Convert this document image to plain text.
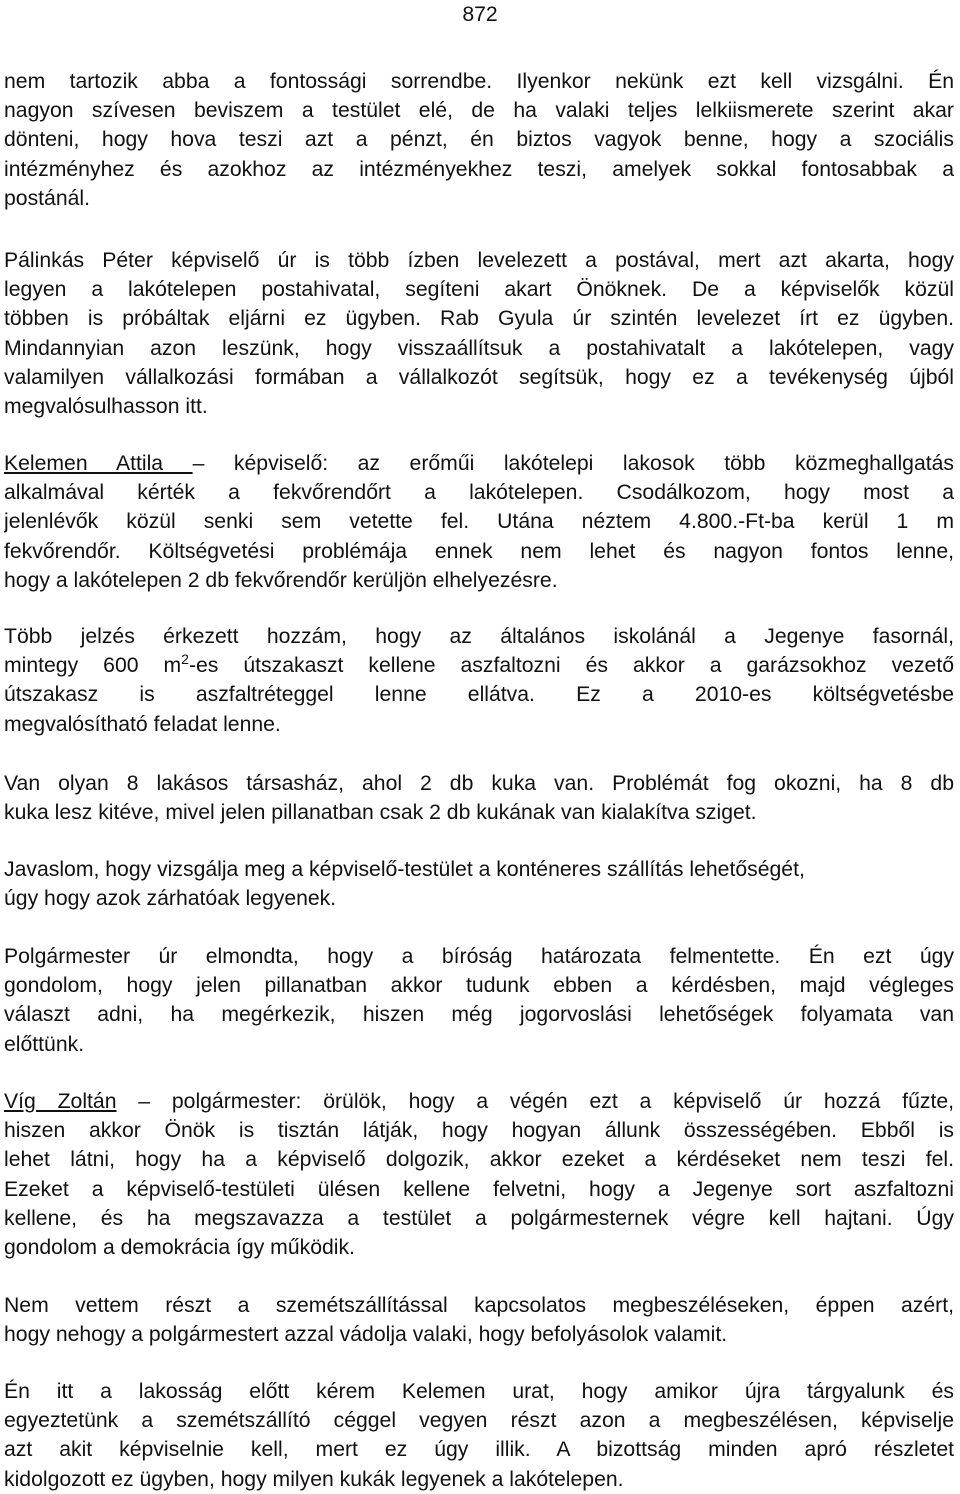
872
nem tartozik abba a fontossági sorrendbe. Ilyenkor nekünk ezt kell vizsgálni. Én
nagyon szívesen beviszem a testület elé, de ha valaki teljes lelkiismerete szerint akar
dönteni, hogy hova teszi azt a pénzt, én biztos vagyok benne, hogy a szociális
intézményhez és azokhoz az intézményekhez teszi, amelyek sokkal fontosabbak a
postánál.
Pálinkás Péter képviselő úr is több ízben levelezett a postával, mert azt akarta, hogy
legyen a lakótelepen postahivatal, segíteni akart Önöknek. De a képviselők közül
többen is próbáltak eljárni ez ügyben. Rab Gyula úr szintén levelezet írt ez ügyben.
Mindannyian azon leszünk, hogy visszaállítsuk a postahivatalt a lakótelepen, vagy
valamilyen vállalkozási formában a vállalkozót segítsük, hogy ez a tevékenység újból
megvalósulhasson itt.
Kelemen Attila – képviselő: az erőműi lakótelepi lakosok több közmeghallgatás
alkalmával kérték a fekvőrendőrt a lakótelepen. Csodálkozom, hogy most a
jelenlévők közül senki sem vetette fel. Utána néztem 4.800.-Ft-ba kerül 1 m
fekvőrendőr. Költségvetési problémája ennek nem lehet és nagyon fontos lenne,
hogy a lakótelepen 2 db fekvőrendőr kerüljön elhelyezésre.
Több jelzés érkezett hozzám, hogy az általános iskolánál a Jegenye fasornál,
mintegy 600 $m^2-es$ útszakaszt kellene aszfaltozni és akkor a garázsokhoz vezető
útszakasz is aszfaltréteggel lenne ellátva. Ez a 2010-es költségvetésbe
megvalósítható feladat lenne.
Van olyan 8 lakásos társasház, ahol 2 db kuka van. Problémát fog okozni, ha 8 db
kuka lesz kitéve, mivel jelen pillanatban csak 2 db kukának van kialakítva sziget.
Javaslom, hogy vizsgálja meg a képviselő-testület a konténeres szállítás lehetőségét,
úgy hogy azok zárhatóak legyenek.
Polgármester úr elmondta, hogy a bíróság határozata felmentette. Én ezt úgy
gondolom, hogy jelen pillanatban akkor tudunk ebben a kérdésben, majd végleges
választ adni, ha megérkezik, hiszen még jogorvoslási lehetőségek folyamata van
előttünk.
Víg Zoltán – polgármester: örülök, hogy a végén ezt a képviselő úr hozzá fűzte,
hiszen akkor Önök is tisztán látják, hogy hogyan állunk összességében. Ebből is
lehet látni, hogy ha a képviselő dolgozik, akkor ezeket a kérdéseket nem teszi fel.
Ezeket a képviselő-testületi ülésen kellene felvetni, hogy a Jegenye sort aszfaltozni
kellene, és ha megszavazza a testület a polgármesternek végre kell hajtani. Úgy
gondolom a demokrácia így működik.
Nem vettem részt a szemétszállítással kapcsolatos megbeszéléseken, éppen azért,
hogy nehogy a polgármestert azzal vádolja valaki, hogy befolyásolok valamit.
Én itt a lakosság előtt kérem Kelemen urat, hogy amikor újra tárgyalunk és
egyeztetünk a szemétszállító céggel vegyen részt azon a megbeszélésen, képviselje
azt akit képviselnie kell, mert ez úgy illik. A bizottság minden apró részletet
kidolgozott ez ügyben, hogy milyen kukák legyenek a lakótelepen.
